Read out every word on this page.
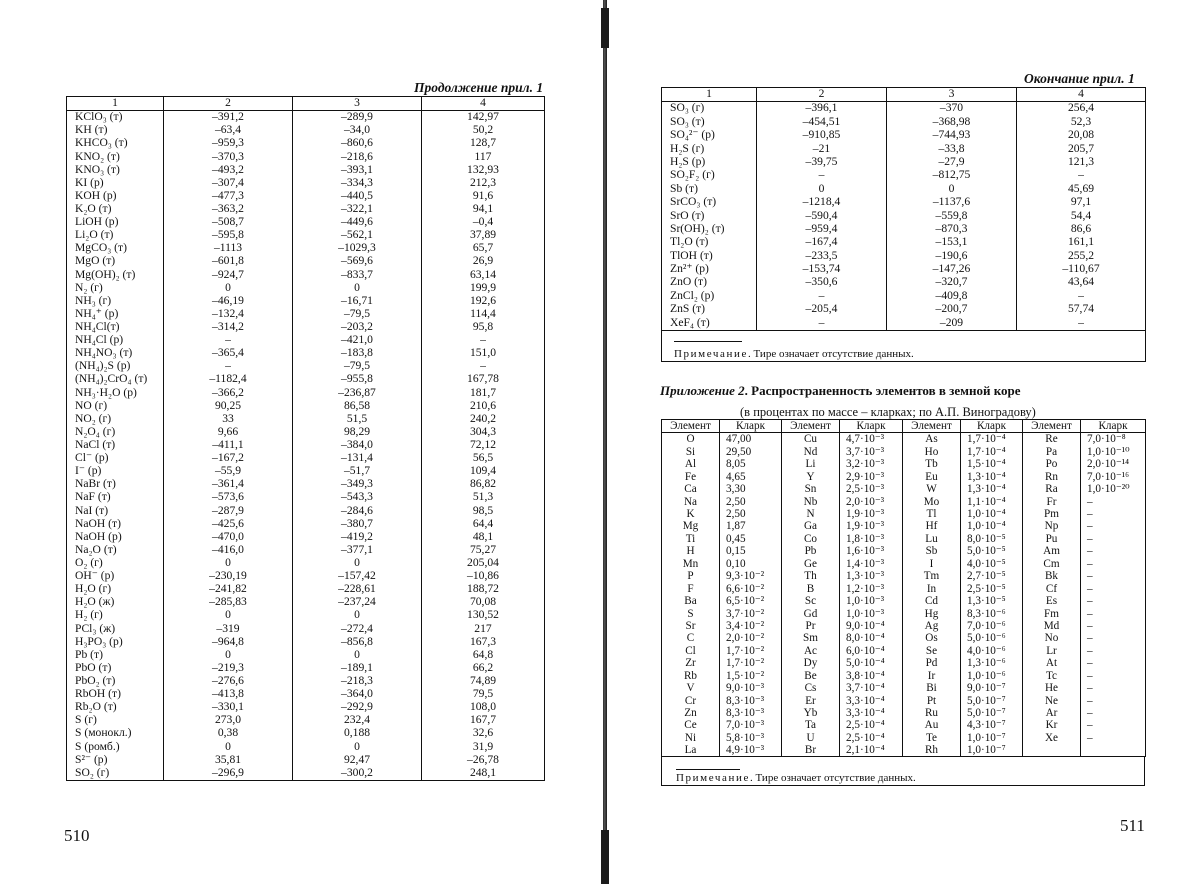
Продолжение прил. 1
1	2	3	4
KClO₃ (т)	–391,2	–289,9	142,97
KH (т)	–63,4	–34,0	50,2
KHCO₃ (т)	–959,3	–860,6	128,7
KNO₂ (т)	–370,3	–218,6	117
KNO₃ (т)	–493,2	–393,1	132,93
KI (р)	–307,4	–334,3	212,3
KOH (р)	–477,3	–440,5	91,6
K₂O (т)	–363,2	–322,1	94,1
LiOH (р)	–508,7	–449,6	–0,4
Li₂O (т)	–595,8	–562,1	37,89
MgCO₃ (т)	–1113	–1029,3	65,7
MgO (т)	–601,8	–569,6	26,9
Mg(OH)₂ (т)	–924,7	–833,7	63,14
N₂ (г)	0	0	199,9
NH₃ (г)	–46,19	–16,71	192,6
NH₄⁺ (р)	–132,4	–79,5	114,4
NH₄Cl(т)	–314,2	–203,2	95,8
NH₄Cl (р)	–	–421,0	–
NH₄NO₃ (т)	–365,4	–183,8	151,0
(NH₄)₂S (р)	–	–79,5	–
(NH₄)₂CrO₄ (т)	–1182,4	–955,8	167,78
NH₃·H₂O (р)	–366,2	–236,87	181,7
NO (г)	90,25	86,58	210,6
NO₂ (г)	33	51,5	240,2
N₂O₄ (г)	9,66	98,29	304,3
NaCl (т)	–411,1	–384,0	72,12
Cl⁻ (р)	–167,2	–131,4	56,5
I⁻ (р)	–55,9	–51,7	109,4
NaBr (т)	–361,4	–349,3	86,82
NaF (т)	–573,6	–543,3	51,3
NaI (т)	–287,9	–284,6	98,5
NaOH (т)	–425,6	–380,7	64,4
NaOH (р)	–470,0	–419,2	48,1
Na₂O (т)	–416,0	–377,1	75,27
O₂ (г)	0	0	205,04
OH⁻ (р)	–230,19	–157,42	–10,86
H₂O (г)	–241,82	–228,61	188,72
H₂O (ж)	–285,83	–237,24	70,08
H₂ (г)	0	0	130,52
PCl₃ (ж)	–319	–272,4	217
H₃PO₃ (р)	–964,8	–856,8	167,3
Pb (т)	0	0	64,8
PbO (т)	–219,3	–189,1	66,2
PbO₂ (т)	–276,6	–218,3	74,89
RbOH (т)	–413,8	–364,0	79,5
Rb₂O (т)	–330,1	–292,9	108,0
S (г)	273,0	232,4	167,7
S (монокл.)	0,38	0,188	32,6
S (ромб.)	0	0	31,9
S²⁻ (р)	35,81	92,47	–26,78
SO₂ (г)	–296,9	–300,2	248,1
510
Окончание прил. 1
1	2	3	4
SO₃ (г)	–396,1	–370	256,4
SO₃ (т)	–454,51	–368,98	52,3
SO₄²⁻ (р)	–910,85	–744,93	20,08
H₂S (г)	–21	–33,8	205,7
H₂S (р)	–39,75	–27,9	121,3
SO₂F₂ (г)	–	–812,75	–
Sb (т)	0	0	45,69
SrCO₃ (т)	–1218,4	–1137,6	97,1
SrO (т)	–590,4	–559,8	54,4
Sr(OH)₂ (т)	–959,4	–870,3	86,6
Tl₂O (т)	–167,4	–153,1	161,1
TlOH (т)	–233,5	–190,6	255,2
Zn²⁺ (р)	–153,74	–147,26	–110,67
ZnO (т)	–350,6	–320,7	43,64
ZnCl₂ (р)	–	–409,8	–
ZnS (т)	–205,4	–200,7	57,74
XeF₄ (т)	–	–209	–

Примечание. Тире означает отсутствие данных.			
Приложение 2. Распространенность элементов в земной коре
(в процентах по массе – кларках; по А.П. Виноградову)
Элемент	Кларк	Элемент	Кларк	Элемент	Кларк	Элемент	Кларк
O	47,00	Cu	4,7·10⁻³	As	1,7·10⁻⁴	Re	7,0·10⁻⁸
Si	29,50	Nd	3,7·10⁻³	Ho	1,7·10⁻⁴	Pa	1,0·10⁻¹⁰
Al	8,05	Li	3,2·10⁻³	Tb	1,5·10⁻⁴	Po	2,0·10⁻¹⁴
Fe	4,65	Y	2,9·10⁻³	Eu	1,3·10⁻⁴	Rn	7,0·10⁻¹⁶
Ca	3,30	Sn	2,5·10⁻³	W	1,3·10⁻⁴	Ra	1,0·10⁻²⁰
Na	2,50	Nb	2,0·10⁻³	Mo	1,1·10⁻⁴	Fr	–
K	2,50	N	1,9·10⁻³	Tl	1,0·10⁻⁴	Pm	–
Mg	1,87	Ga	1,9·10⁻³	Hf	1,0·10⁻⁴	Np	–
Ti	0,45	Co	1,8·10⁻³	Lu	8,0·10⁻⁵	Pu	–
H	0,15	Pb	1,6·10⁻³	Sb	5,0·10⁻⁵	Am	–
Mn	0,10	Ge	1,4·10⁻³	I	4,0·10⁻⁵	Cm	–
P	9,3·10⁻²	Th	1,3·10⁻³	Tm	2,7·10⁻⁵	Bk	–
F	6,6·10⁻²	B	1,2·10⁻³	In	2,5·10⁻⁵	Cf	–
Ba	6,5·10⁻²	Sc	1,0·10⁻³	Cd	1,3·10⁻⁵	Es	–
S	3,7·10⁻²	Gd	1,0·10⁻³	Hg	8,3·10⁻⁶	Fm	–
Sr	3,4·10⁻²	Pr	9,0·10⁻⁴	Ag	7,0·10⁻⁶	Md	–
C	2,0·10⁻²	Sm	8,0·10⁻⁴	Os	5,0·10⁻⁶	No	–
Cl	1,7·10⁻²	Ac	6,0·10⁻⁴	Se	4,0·10⁻⁶	Lr	–
Zr	1,7·10⁻²	Dy	5,0·10⁻⁴	Pd	1,3·10⁻⁶	At	–
Rb	1,5·10⁻²	Be	3,8·10⁻⁴	Ir	1,0·10⁻⁶	Tc	–
V	9,0·10⁻³	Cs	3,7·10⁻⁴	Bi	9,0·10⁻⁷	He	–
Cr	8,3·10⁻³	Er	3,3·10⁻⁴	Pt	5,0·10⁻⁷	Ne	–
Zn	8,3·10⁻³	Yb	3,3·10⁻⁴	Ru	5,0·10⁻⁷	Ar	–
Ce	7,0·10⁻³	Ta	2,5·10⁻⁴	Au	4,3·10⁻⁷	Kr	–
Ni	5,8·10⁻³	U	2,5·10⁻⁴	Te	1,0·10⁻⁷	Xe	–
La	4,9·10⁻³	Br	2,1·10⁻⁴	Rh	1,0·10⁻⁷		
Примечание. Тире означает отсутствие данных.
511
